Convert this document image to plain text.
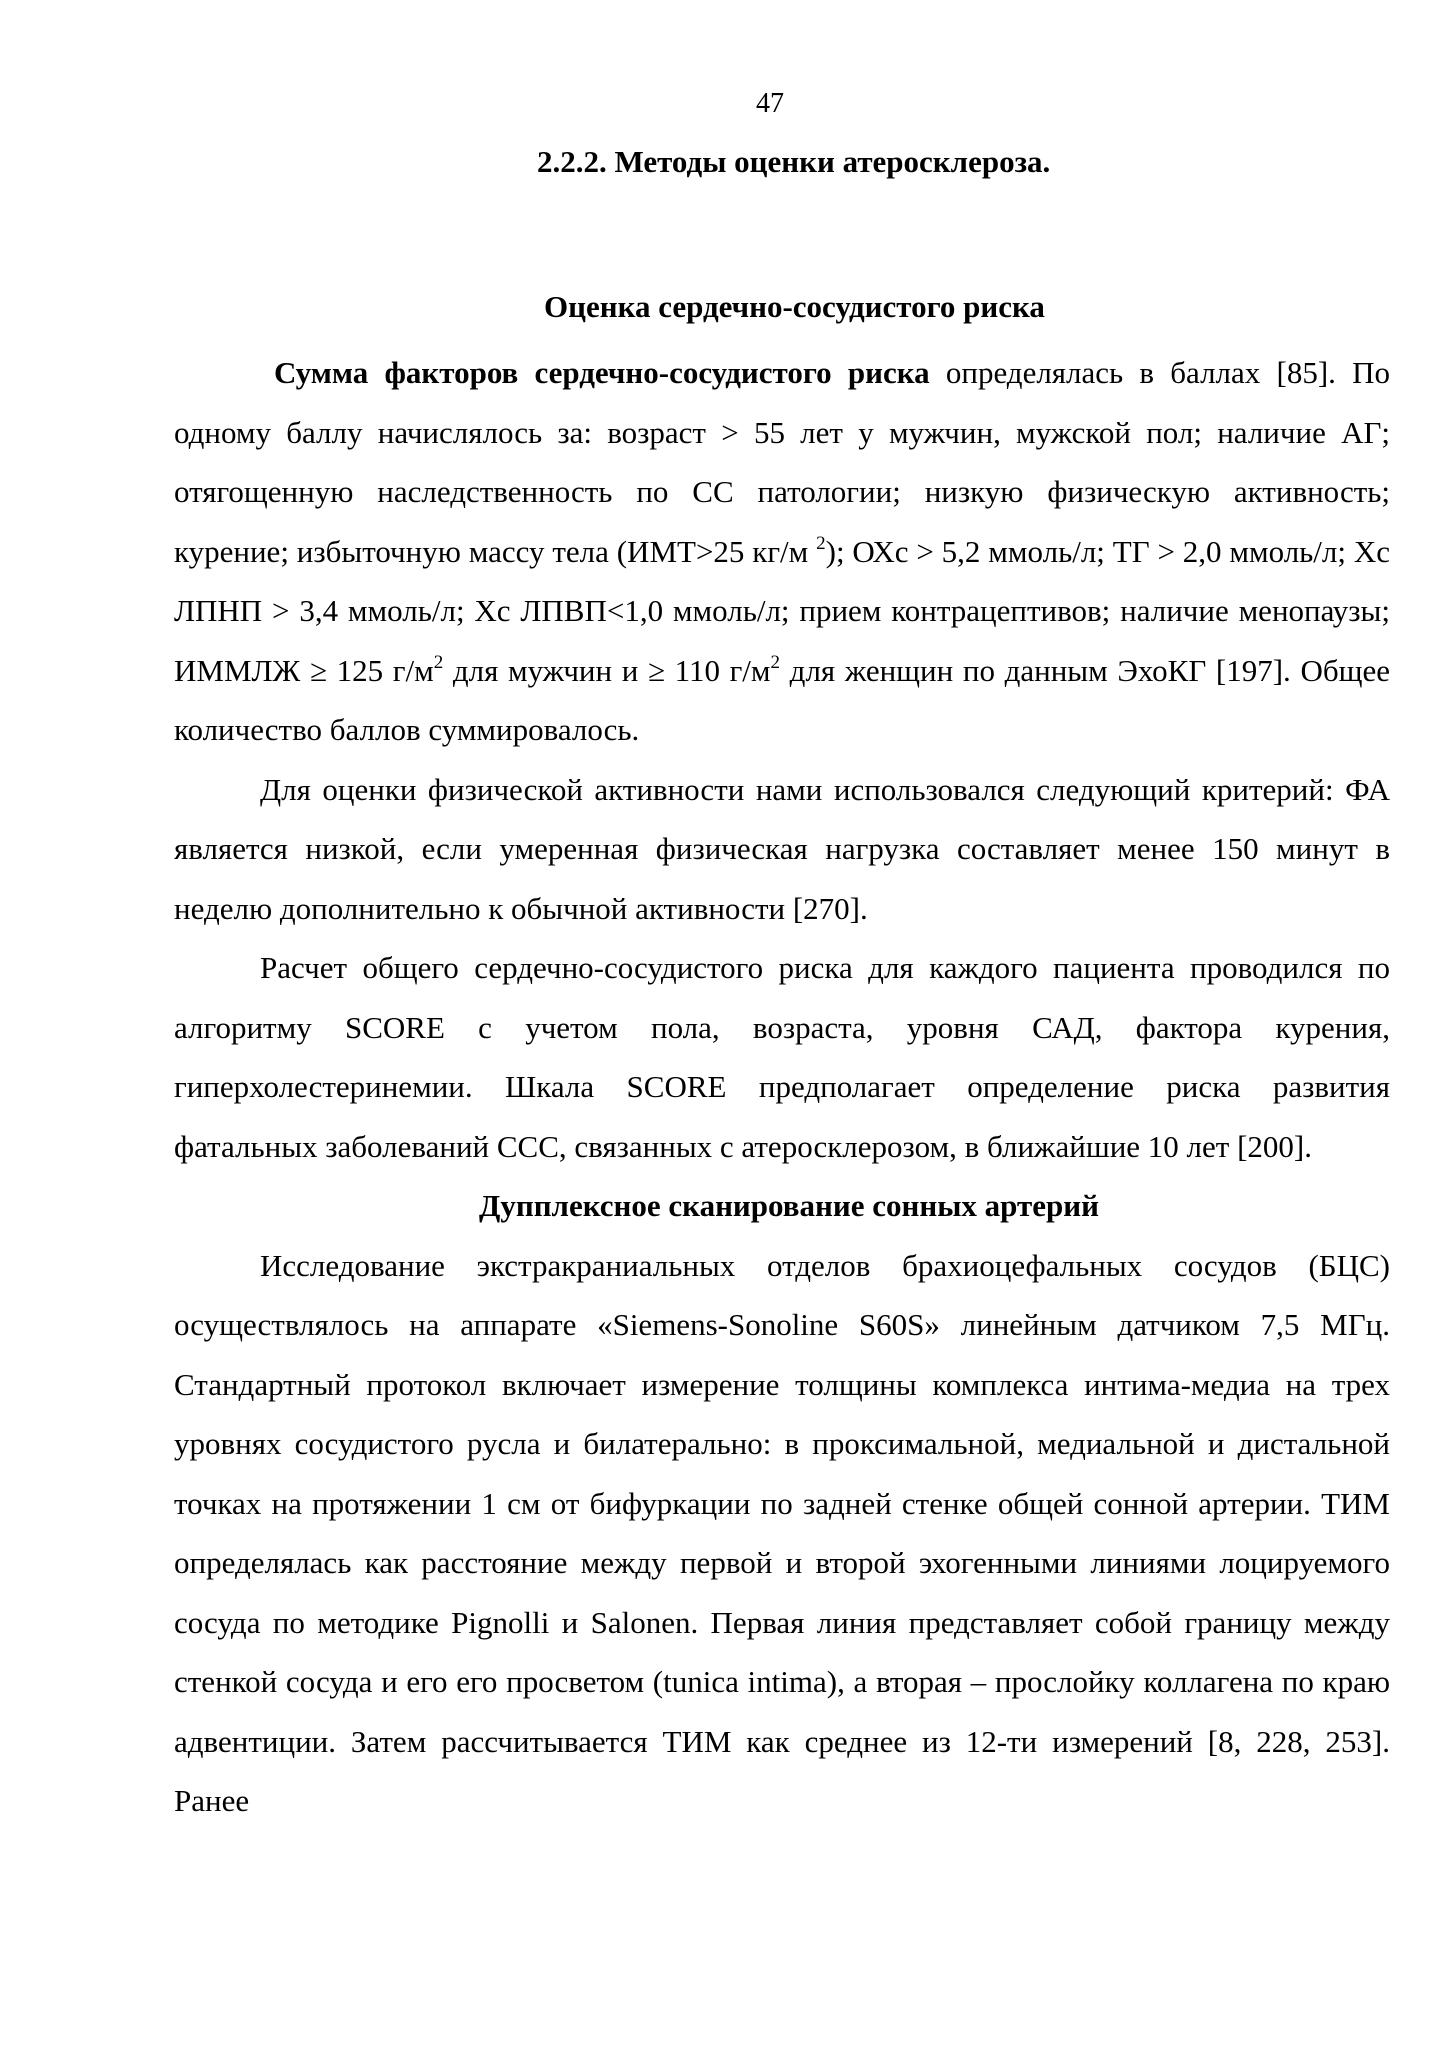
47

2.2.2. Методы оценки атеросклероза.

Оценка сердечно-сосудистого риска

Сумма факторов сердечно-сосудистого риска определялась в баллах [85]. По одному баллу начислялось за: возраст > 55 лет у мужчин, мужской пол; наличие АГ; отягощенную наследственность по СС патологии; низкую физическую активность; курение; избыточную массу тела (ИМТ>25 кг/м $^2$); ОХс > 5,2 ммоль/л; ТГ > 2,0 ммоль/л; Хс ЛПНП > 3,4 ммоль/л; Хс ЛПВП<1,0 ммоль/л; прием контрацептивов; наличие менопаузы; ИММЛЖ ≥ 125 $г/м^2$ для мужчин и ≥ 110 $г/м^2$ для женщин по данным ЭхоКГ [197]. Общее количество баллов суммировалось.

Для оценки физической активности нами использовался следующий критерий: ФА является низкой, если умеренная физическая нагрузка составляет менее 150 минут в неделю дополнительно к обычной активности [270].

Расчет общего сердечно-сосудистого риска для каждого пациента проводился по алгоритму SCORE с учетом пола, возраста, уровня САД, фактора курения, гиперхолестеринемии. Шкала SCORE предполагает определение риска развития фатальных заболеваний ССС, связанных с атеросклерозом, в ближайшие 10 лет [200].

Дупплексное сканирование сонных артерий

Исследование экстракраниальных отделов брахиоцефальных сосудов (БЦС) осуществлялось на аппарате «Siemens-Sonoline S60S» линейным датчиком 7,5 МГц. Стандартный протокол включает измерение толщины комплекса интима-медиа на трех уровнях сосудистого русла и билатерально: в проксимальной, медиальной и дистальной точках на протяжении 1 см от бифуркации по задней стенке общей сонной артерии. ТИМ определялась как расстояние между первой и второй эхогенными линиями лоцируемого сосуда по методике Pignolli и Salonen. Первая линия представляет собой границу между стенкой сосуда и его его просветом (tunica intima), а вторая – прослойку коллагена по краю адвентиции. Затем рассчитывается ТИМ как среднее из 12-ти измерений [8, 228, 253]. Ранее
